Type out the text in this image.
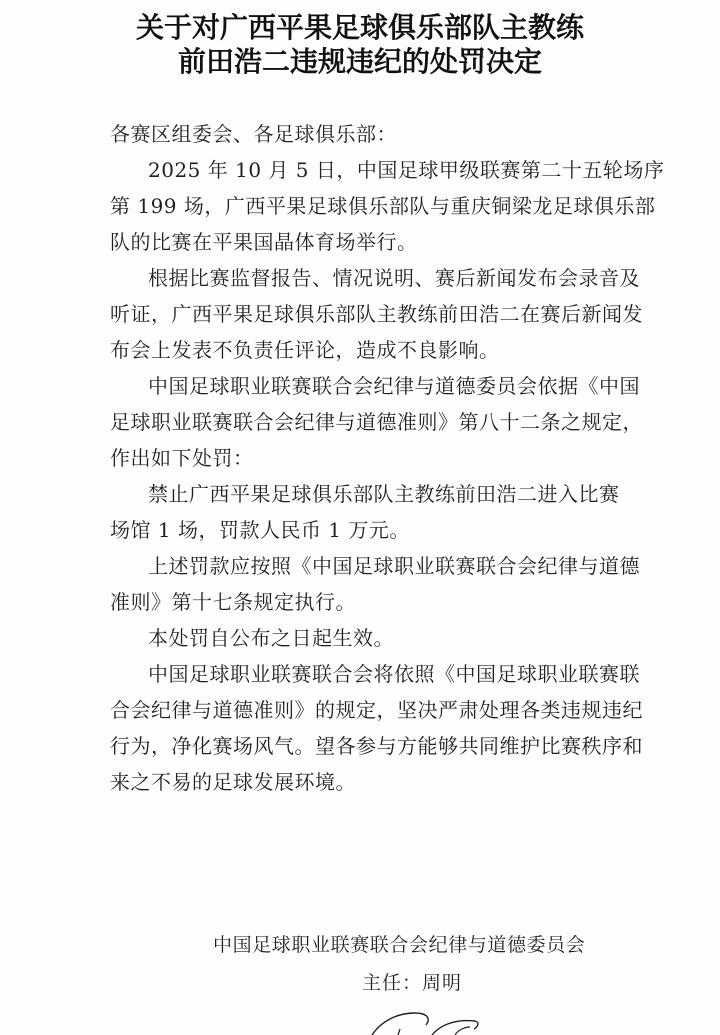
关于对广西平果足球俱乐部队主教练
前田浩二违规违纪的处罚决定
各赛区组委会、各足球俱乐部：
2025 年 10 月 5 日，中国足球甲级联赛第二十五轮场序
第 199 场，广西平果足球俱乐部队与重庆铜梁龙足球俱乐部
队的比赛在平果国晶体育场举行。
根据比赛监督报告、情况说明、赛后新闻发布会录音及
听证，广西平果足球俱乐部队主教练前田浩二在赛后新闻发
布会上发表不负责任评论，造成不良影响。
中国足球职业联赛联合会纪律与道德委员会依据《中国
足球职业联赛联合会纪律与道德准则》第八十二条之规定，
作出如下处罚：
禁止广西平果足球俱乐部队主教练前田浩二进入比赛
场馆 1 场，罚款人民币 1 万元。
上述罚款应按照《中国足球职业联赛联合会纪律与道德
准则》第十七条规定执行。
本处罚自公布之日起生效。
中国足球职业联赛联合会将依照《中国足球职业联赛联
合会纪律与道德准则》的规定，坚决严肃处理各类违规违纪
行为，净化赛场风气。望各参与方能够共同维护比赛秩序和
来之不易的足球发展环境。
中国足球职业联赛联合会纪律与道德委员会
主任：周明
